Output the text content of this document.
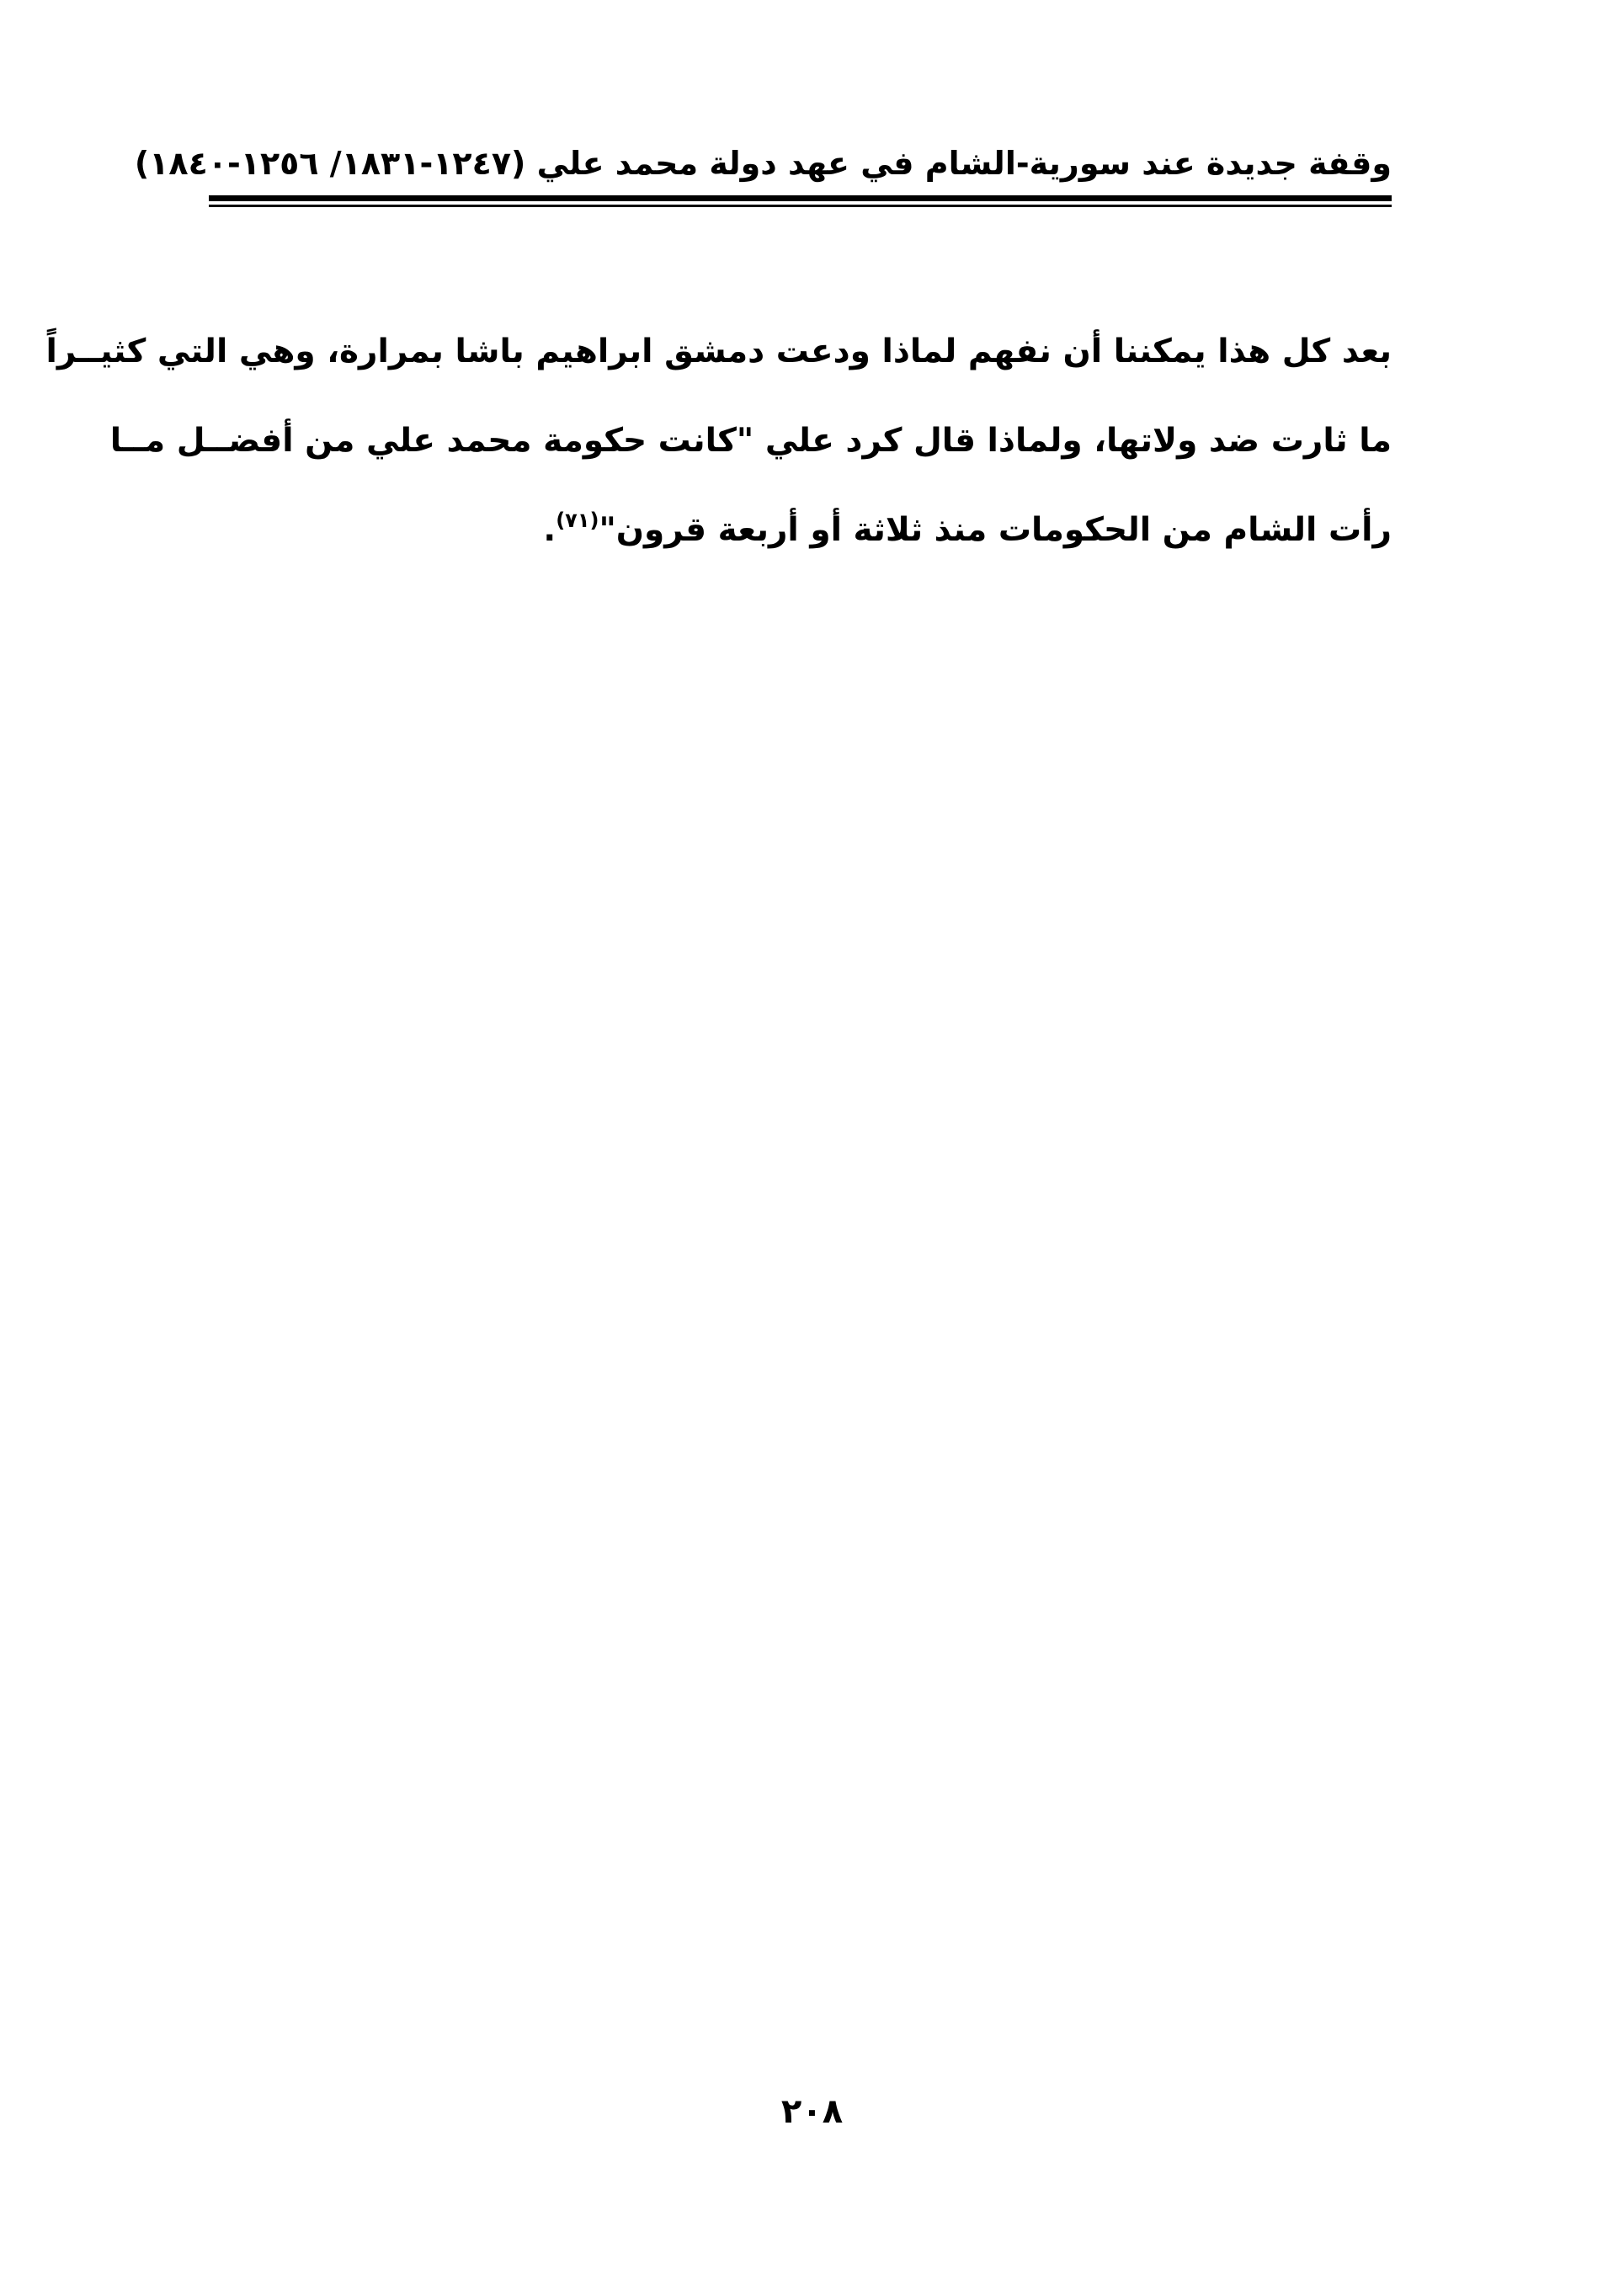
وقفة جديدة عند سورية-الشام في عهد دولة محمد علي (١٢٤٧-١٨٣١/ ١٢٥٦-١٨٤٠)
بعد كل هذا يمكننا أن نفهم لماذا ودعت دمشق ابراهيم باشا بمرارة، وهي التي كثيــراً
ما ثارت ضد ولاتها، ولماذا قال كرد علي "كانت حكومة محمد علي من أفضــل مــا
رأت الشام من الحكومات منذ ثلاثة أو أربعة قرون"$^{(٧١)}$.
٢٠٨
